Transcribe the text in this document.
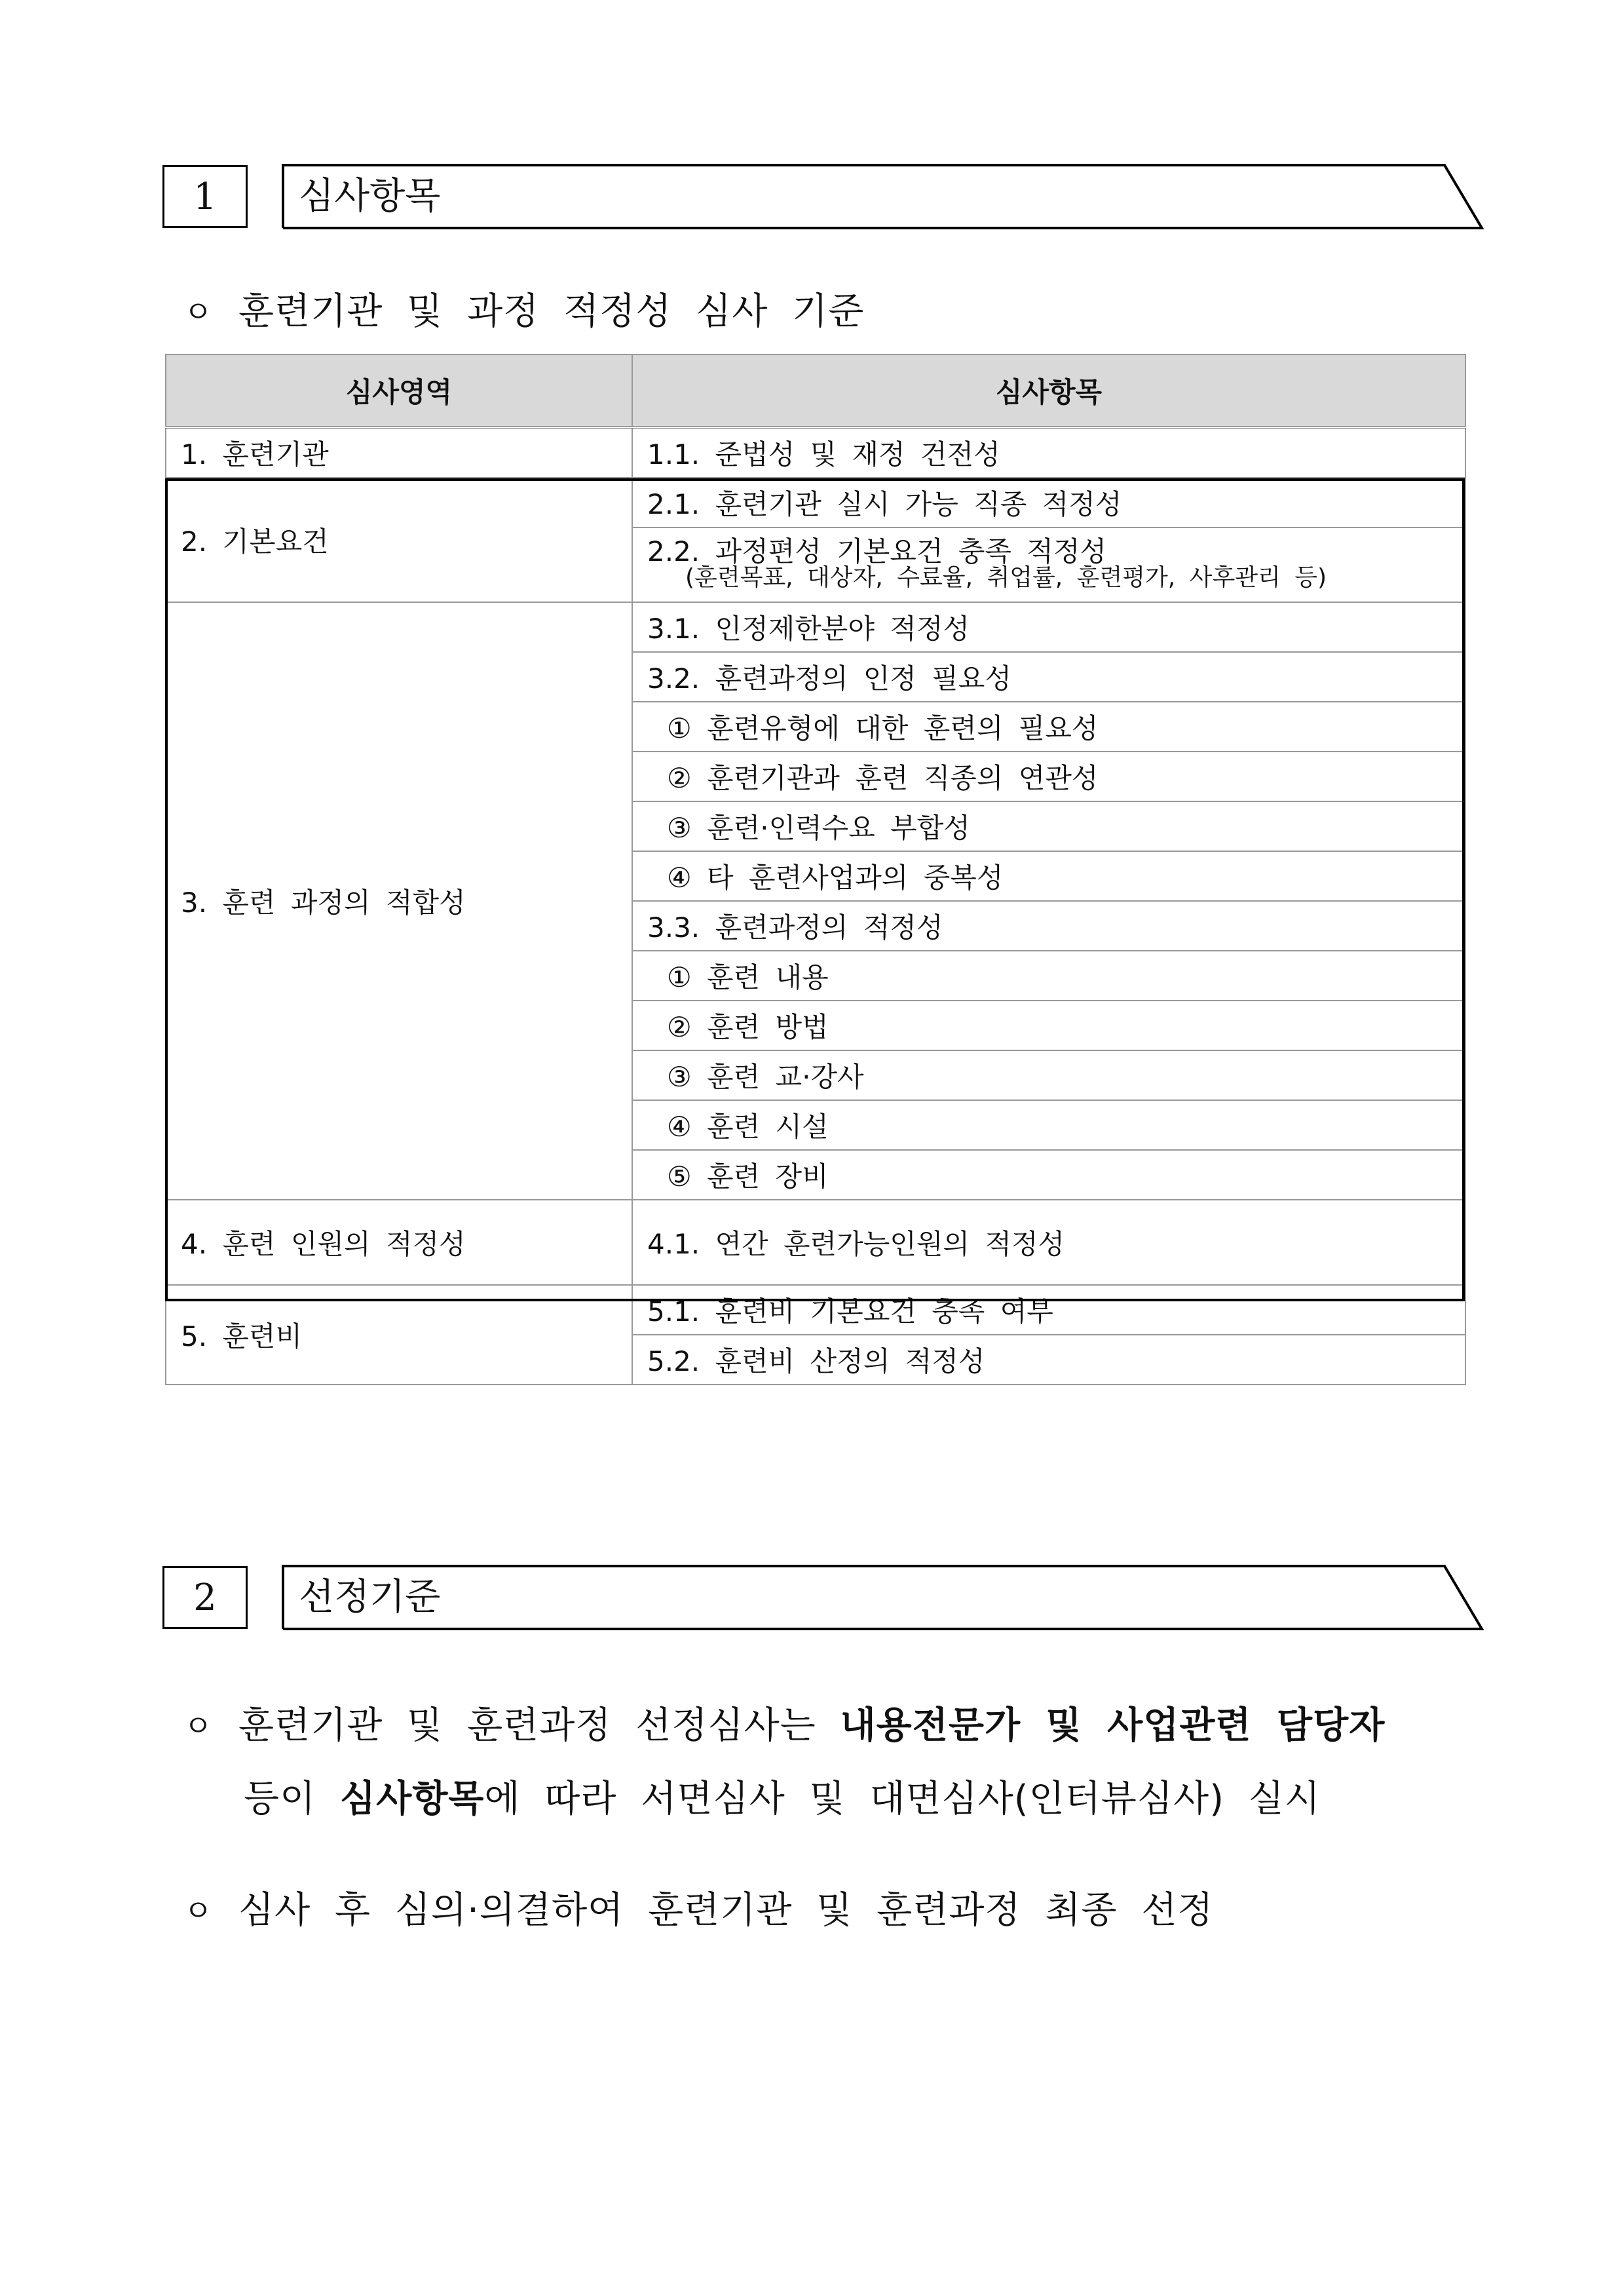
1 심사항목
ㅇ 훈련기관 및 과정 적정성 심사 기준
심사영역	심사항목
1. 훈련기관	1.1. 준법성 및 재정 건전성
2. 기본요건	2.1. 훈련기관 실시 가능 직종 적정성
	2.2. 과정편성 기본요건 충족 적정성
(훈련목표, 대상자, 수료율, 취업률, 훈련평가, 사후관리 등)

3. 훈련 과정의 적합성	3.1. 인정제한분야 적정성
	3.2. 훈련과정의 인정 필요성
	① 훈련유형에 대한 훈련의 필요성
	② 훈련기관과 훈련 직종의 연관성
	③ 훈련·인력수요 부합성
	④ 타 훈련사업과의 중복성
	3.3. 훈련과정의 적정성
	① 훈련 내용
	② 훈련 방법
	③ 훈련 교·강사
	④ 훈련 시설
	⑤ 훈련 장비
4. 훈련 인원의 적정성	4.1. 연간 훈련가능인원의 적정성
5. 훈련비	5.1. 훈련비 기본요건 충족 여부
	5.2. 훈련비 산정의 적정성
2 선정기준
ㅇ 훈련기관 및 훈련과정 선정심사는 내용전문가 및 사업관련 담당자
등이 심사항목에 따라 서면심사 및 대면심사(인터뷰심사) 실시
ㅇ 심사 후 심의·의결하여 훈련기관 및 훈련과정 최종 선정
